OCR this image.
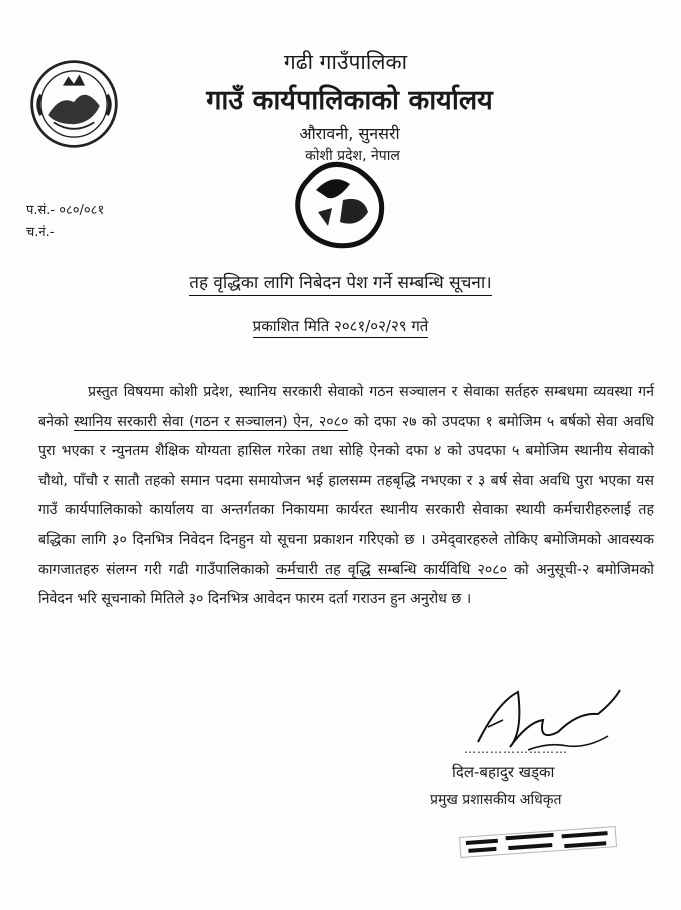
गढी गाउँपालिका
गाउँ कार्यपालिकाको कार्यालय
औरावनी, सुनसरी
कोशी प्रदेश, नेपाल
प.सं.- ०८०/०८१
च.नं.-
तह वृद्धिका लागि निबेदन पेश गर्ने सम्बन्धि सूचना।
प्रकाशित मिति २०८१/०२/२९ गते
प्रस्तुत विषयमा कोशी प्रदेश, स्थानिय सरकारी सेवाको गठन सञ्चालन र सेवाका सर्तहरु सम्बधमा व्यवस्था गर्न बनेको स्थानिय सरकारी सेवा (गठन र सञ्चालन) ऐन, २०८० को दफा २७ को उपदफा १ बमोजिम ५ बर्षको सेवा अवधि पुरा भएका र न्युनतम शैक्षिक योग्यता हासिल गरेका तथा सोहि ऐनको दफा ४ को उपदफा ५ बमोजिम स्थानीय सेवाको चौथो, पाँचौ र सातौ तहको समान पदमा समायोजन भई हालसम्म तहबृद्धि नभएका र ३ बर्ष सेवा अवधि पुरा भएका यस गाउँ कार्यपालिकाको कार्यालय वा अन्तर्गतका निकायमा कार्यरत स्थानीय सरकारी सेवाका स्थायी कर्मचारीहरुलाई तह बद्धिका लागि ३० दिनभित्र निवेदन दिनहुन यो सूचना प्रकाशन गरिएको छ । उमेद्‌वारहरुले तोकिए बमोजिमको आवस्यक कागजातहरु संलग्न गरी गढी गाउँपालिकाको कर्मचारी तह वृद्धि सम्बन्धि कार्यविधि २०८० को अनुसूची-२ बमोजिमको निवेदन भरि सूचनाको मितिले ३० दिनभित्र आवेदन फारम दर्ता गराउन हुन अनुरोध छ ।
……………………
दिल-बहादुर खड्का
प्रमुख प्रशासकीय अधिकृत
